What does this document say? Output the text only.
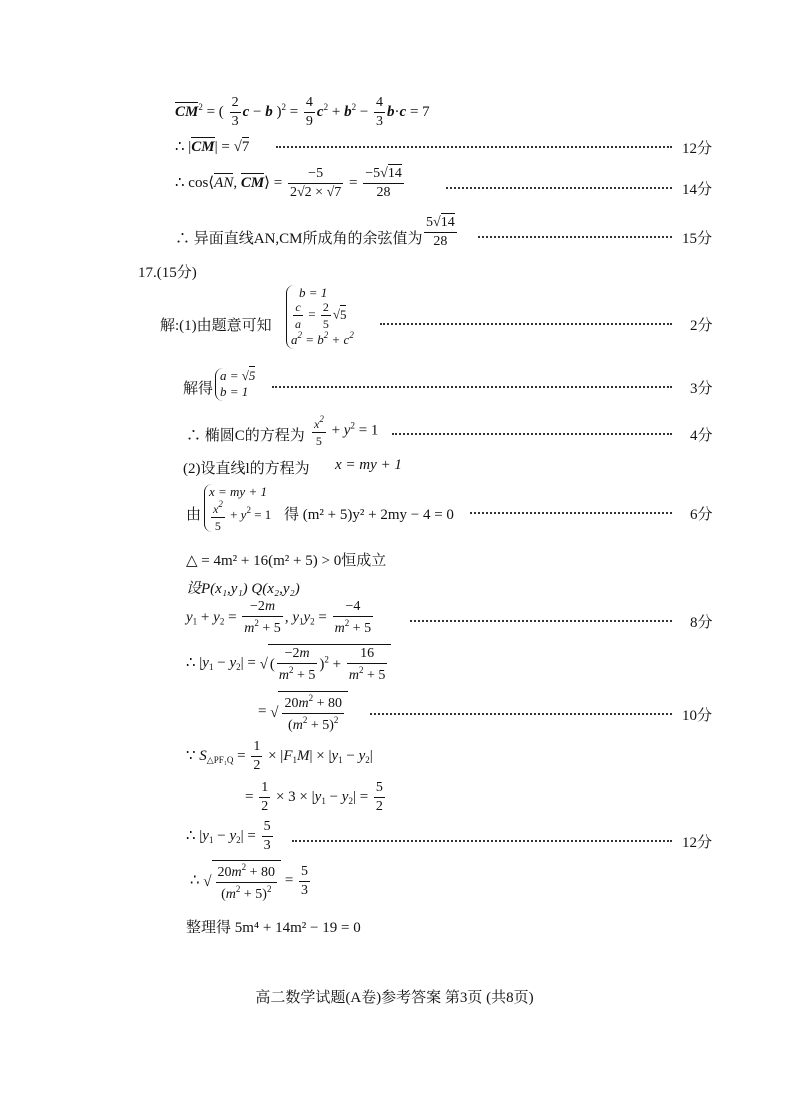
$CM^2$ = ( $\frac{2}{3}$ c − b )$^2 = \frac{4}{9} c^2 + b^2 - \frac{4}{3} b\cdot c = 7$
∴ |CM| = √7	12分
∴ cos⟨AN, CM⟩ = $\frac{-5}{2√2 \times √7} = \frac{-5√14}{28}$	14分
∴ 异面直线AN,CM所成角的余弦值为 $\frac{5√14}{28}$	15分
17.(15分)
解:(1)由题意可知
b = 1
$\frac{c}{a} = \frac{2}{5} √5$
$a^2 = b^2 + c^2$
2分
解得
a = √5
b = 1	3分
∴ 椭圆C的方程为 $\frac{x^2}{5} + y^2 = 1$	4分
(2)设直线l的方程为 x = my + 1
由
x = my + 1
$\frac{x^2}{5} + y^2 = 1$ 得 (m² + 5)y² + 2my − 4 = 0	6分
△ = 4m² + 16(m² + 5) > 0恒成立
设P(x₁,y₁) Q(x₂,y₂)
$y_1 + y_2 = \frac{-2m}{m^2 + 5}$ , $y_1y_2 = \frac{-4}{m^2 + 5}$	8分
∴ $|y_1 - y_2|$ = √ ( $\frac{-2m}{m^2 + 5} )^2 + \frac{16}{m^2 + 5}$
= √ $\frac{20m^2 + 80}{(m^2 + 5)^2}$	10分
∵ $S_{\triangle PF_1Q} = \frac{1}{2} \times |F_1M| \times |y_1 - y_2|$
= $\frac{1}{2} \times 3 \times |y_1 - y_2| = \frac{5}{2}$
∴ $|y_1 - y_2| = \frac{5}{3}$	12分
∴ √ $\frac{20m^2 + 80}{(m^2 + 5)^2} = \frac{5}{3}$
整理得 5m⁴ + 14m² − 19 = 0
高二数学试题(A卷)参考答案 第3页 (共8页)
